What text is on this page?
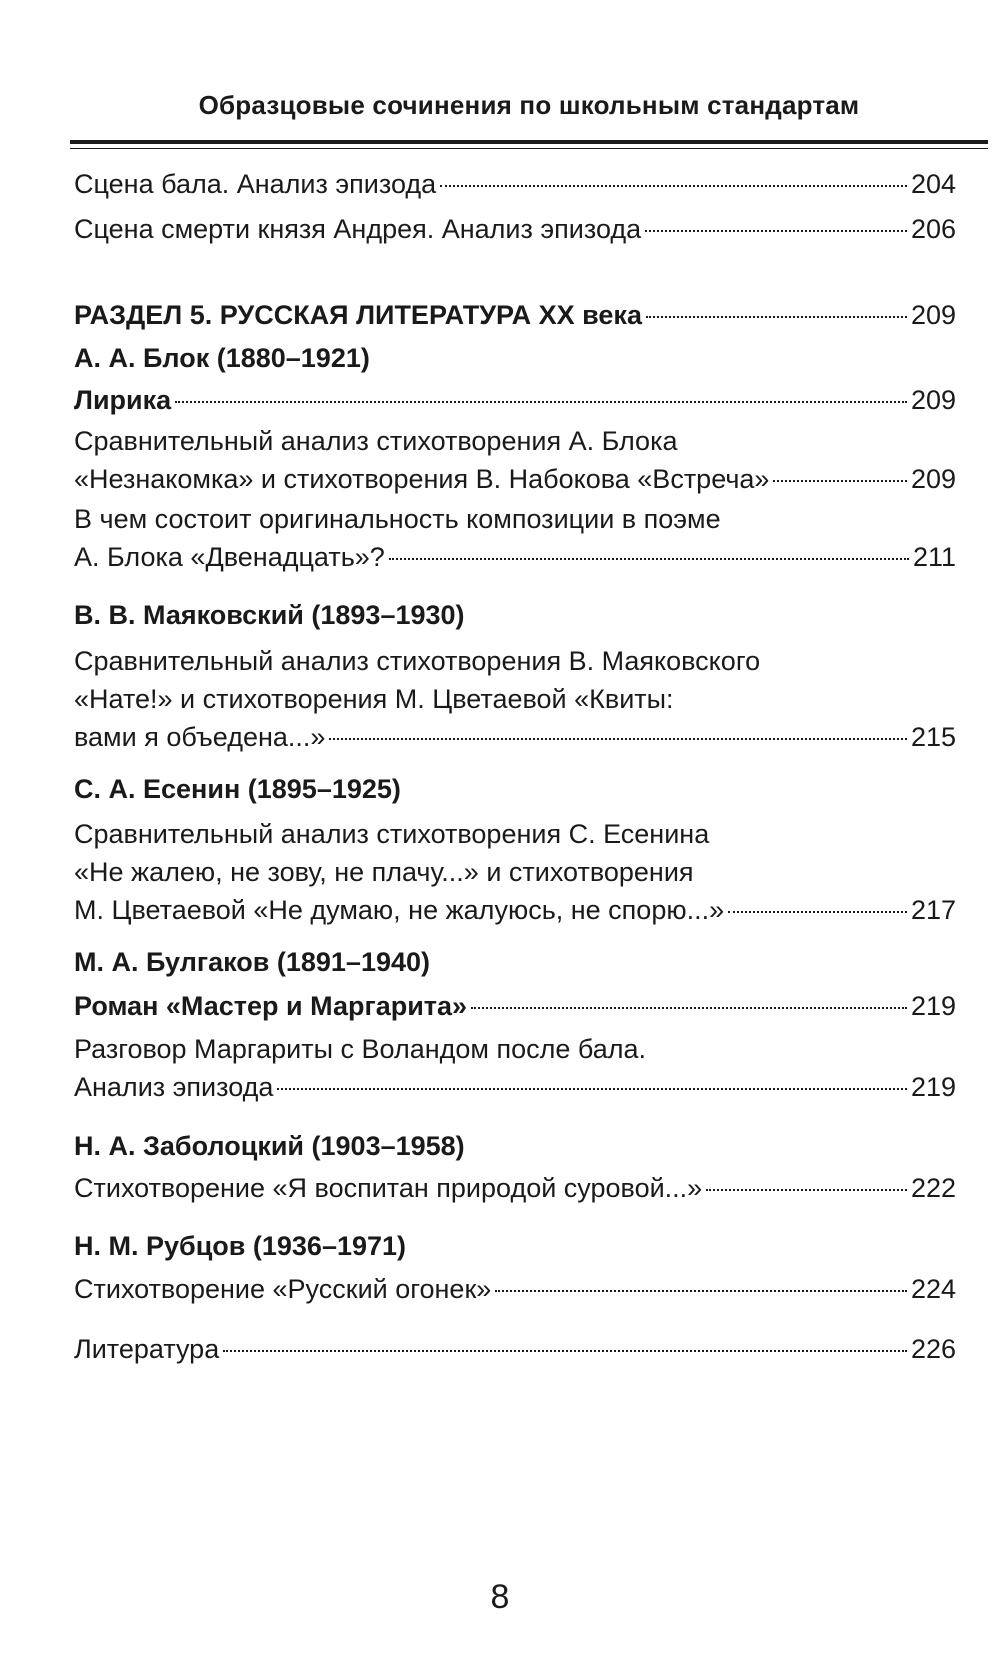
Образцовые сочинения по школьным стандартам
Сцена бала. Анализ эпизода	204
Сцена смерти князя Андрея. Анализ эпизода	206
РАЗДЕЛ 5. РУССКАЯ ЛИТЕРАТУРА XX века	209
А. А. Блок (1880–1921)
Лирика	209
Сравнительный анализ стихотворения А. Блока
«Незнакомка» и стихотворения В. Набокова «Встреча»	209
В чем состоит оригинальность композиции в поэме
А. Блока «Двенадцать»?	211
В. В. Маяковский (1893–1930)
Сравнительный анализ стихотворения В. Маяковского
«Нате!» и стихотворения М. Цветаевой «Квиты:
вами я объедена...»	215
С. А. Есенин (1895–1925)
Сравнительный анализ стихотворения С. Есенина
«Не жалею, не зову, не плачу...» и стихотворения
М. Цветаевой «Не думаю, не жалуюсь, не спорю...»	217
М. А. Булгаков (1891–1940)
Роман «Мастер и Маргарита»	219
Разговор Маргариты с Воландом после бала.
Анализ эпизода	219
Н. А. Заболоцкий (1903–1958)
Стихотворение «Я воспитан природой суровой...»	222
Н. М. Рубцов (1936–1971)
Стихотворение «Русский огонек»	224
Литература	226
8
